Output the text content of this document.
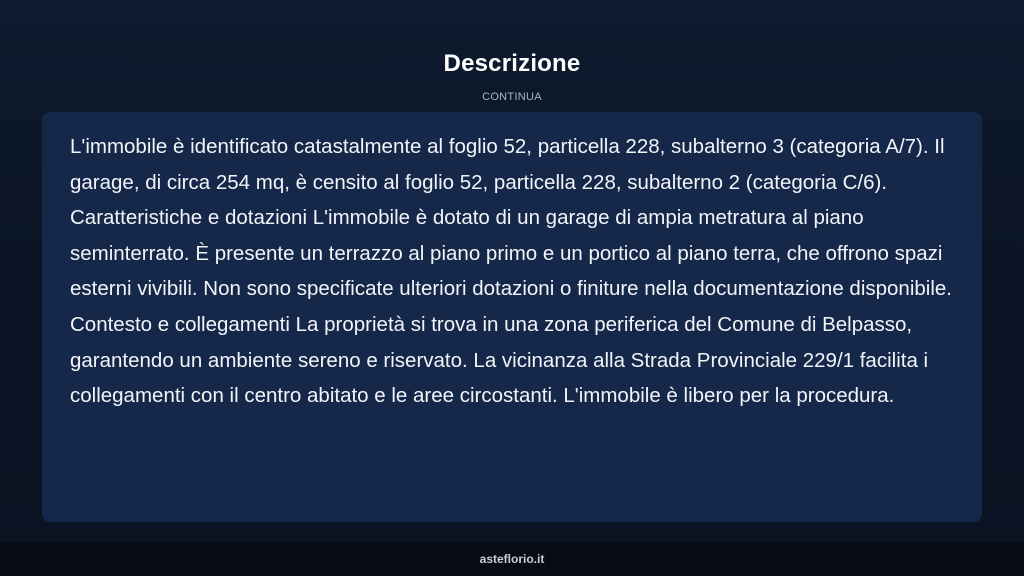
Descrizione
CONTINUA

L'immobile è identificato catastalmente al foglio 52, particella 228, subalterno 3 (categoria A/7). Il garage, di circa 254 mq, è censito al foglio 52, particella 228, subalterno 2 (categoria C/6). Caratteristiche e dotazioni L'immobile è dotato di un garage di ampia metratura al piano seminterrato. È presente un terrazzo al piano primo e un portico al piano terra, che offrono spazi esterni vivibili. Non sono specificate ulteriori dotazioni o finiture nella documentazione disponibile. Contesto e collegamenti La proprietà si trova in una zona periferica del Comune di Belpasso, garantendo un ambiente sereno e riservato. La vicinanza alla Strada Provinciale 229/1 facilita i collegamenti con il centro abitato e le aree circostanti. L'immobile è libero per la procedura.

asteflorio.it
